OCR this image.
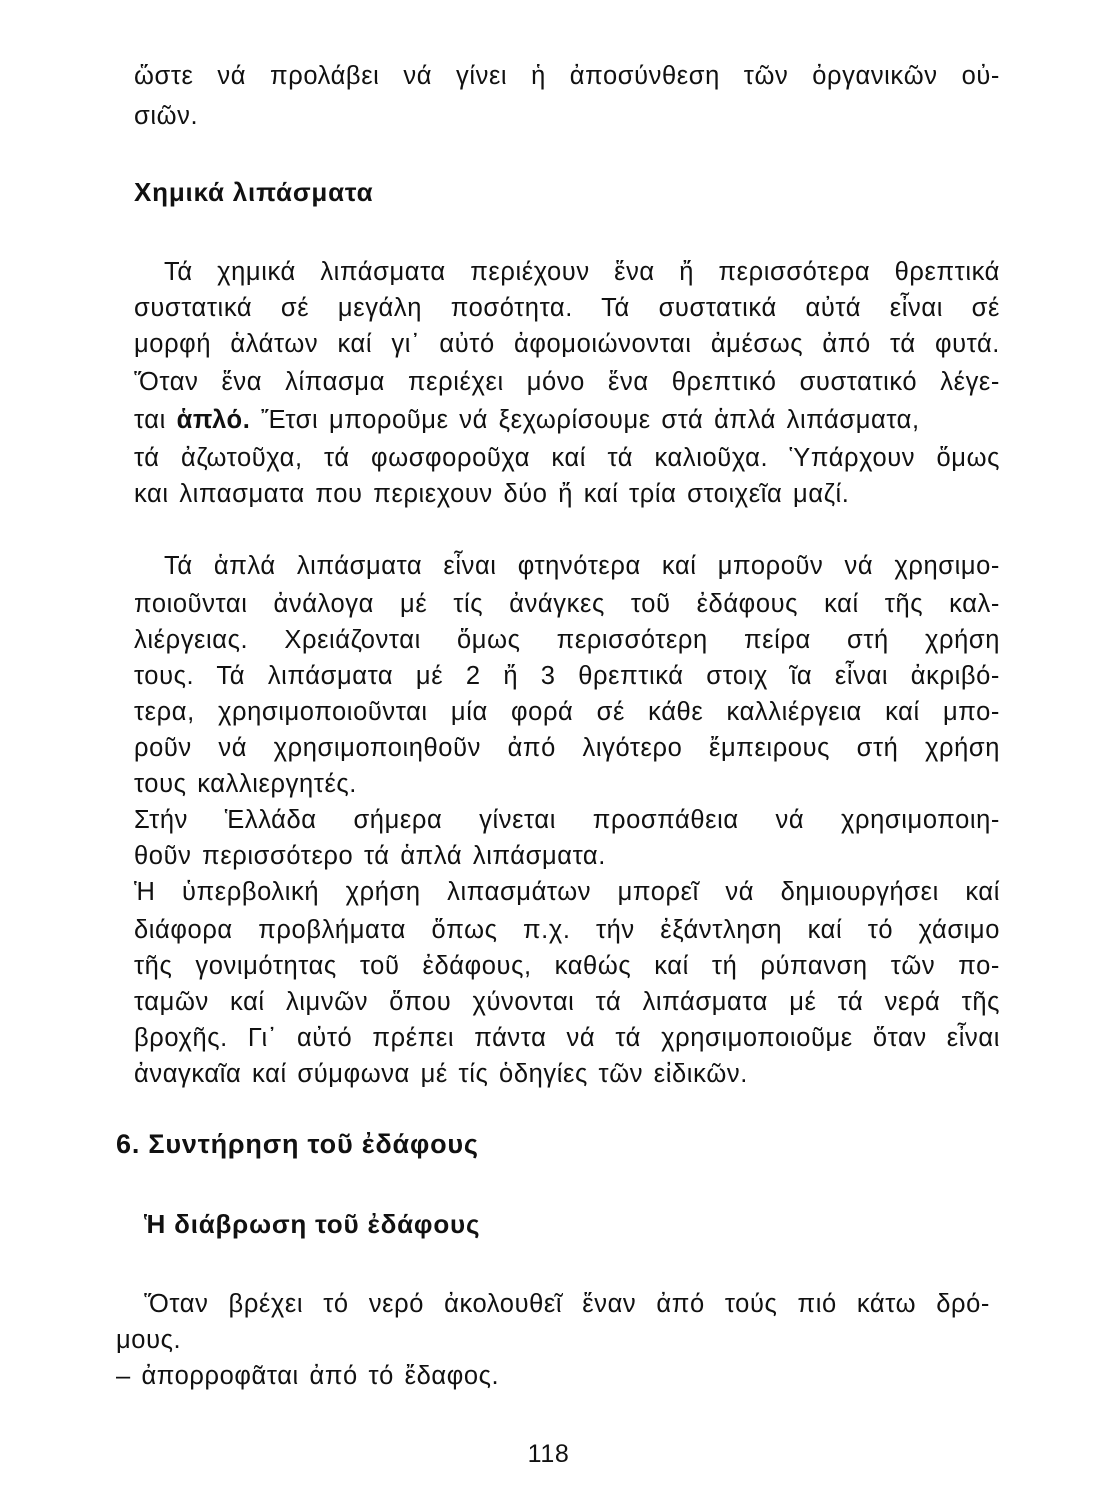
ὥστε νά προλάβει νά γίνει ἡ ἀποσύνθεση τῶν ὀργανικῶν οὐ-
σιῶν.
Χημικά λιπάσματα
Τά χημικά λιπάσματα περιέχουν ἕνα ἤ περισσότερα θρεπτικά
συστατικά σέ μεγάλη ποσότητα. Τά συστατικά αὐτά εἶναι σέ
μορφή ἁλάτων καί γι᾿ αὐτό ἀφομοιώνονται ἀμέσως ἀπό τά φυτά.
Ὅταν ἕνα λίπασμα περιέχει μόνο ἕνα θρεπτικό συστατικό λέγε-
ται ἁπλό. Ἔτσι μποροῦμε νά ξεχωρίσουμε στά ἁπλά λιπάσματα,
τά ἀζωτοῦχα, τά φωσφοροῦχα καί τά καλιοῦχα. Ὑπάρχουν ὅμως
και λιπασματα που περιεχουν δύο ἤ καί τρία στοιχεῖα μαζί.
Τά ἁπλά λιπάσματα εἶναι φτηνότερα καί μποροῦν νά χρησιμο-
ποιοῦνται ἀνάλογα μέ τίς ἀνάγκες τοῦ ἐδάφους καί τῆς καλ-
λιέργειας. Χρειάζονται ὅμως περισσότερη πείρα στή χρήση
τους. Τά λιπάσματα μέ 2 ἤ 3 θρεπτικά στοιχ ῖα εἶναι ἀκριβό-
τερα, χρησιμοποιοῦνται μία φορά σέ κάθε καλλιέργεια καί μπο-
ροῦν νά χρησιμοποιηθοῦν ἀπό λιγότερο ἔμπειρους στή χρήση
τους καλλιεργητές.
Στήν Ἑλλάδα σήμερα γίνεται προσπάθεια νά χρησιμοποιη-
θοῦν περισσότερο τά ἁπλά λιπάσματα.
Ἡ ὑπερβολική χρήση λιπασμάτων μπορεῖ νά δημιουργήσει καί
διάφορα προβλήματα ὅπως π.χ. τήν ἐξάντληση καί τό χάσιμο
τῆς γονιμότητας τοῦ ἐδάφους, καθώς καί τή ρύπανση τῶν πο-
ταμῶν καί λιμνῶν ὅπου χύνονται τά λιπάσματα μέ τά νερά τῆς
βροχῆς. Γι᾿ αὐτό πρέπει πάντα νά τά χρησιμοποιοῦμε ὅταν εἶναι
ἀναγκαῖα καί σύμφωνα μέ τίς ὁδηγίες τῶν εἰδικῶν.
6. Συντήρηση τοῦ ἐδάφους
Ἡ διάβρωση τοῦ ἐδάφους
Ὅταν βρέχει τό νερό ἀκολουθεῖ ἕναν ἀπό τούς πιό κάτω δρό-
μους.
– ἀπορροφᾶται ἀπό τό ἔδαφος.
118
